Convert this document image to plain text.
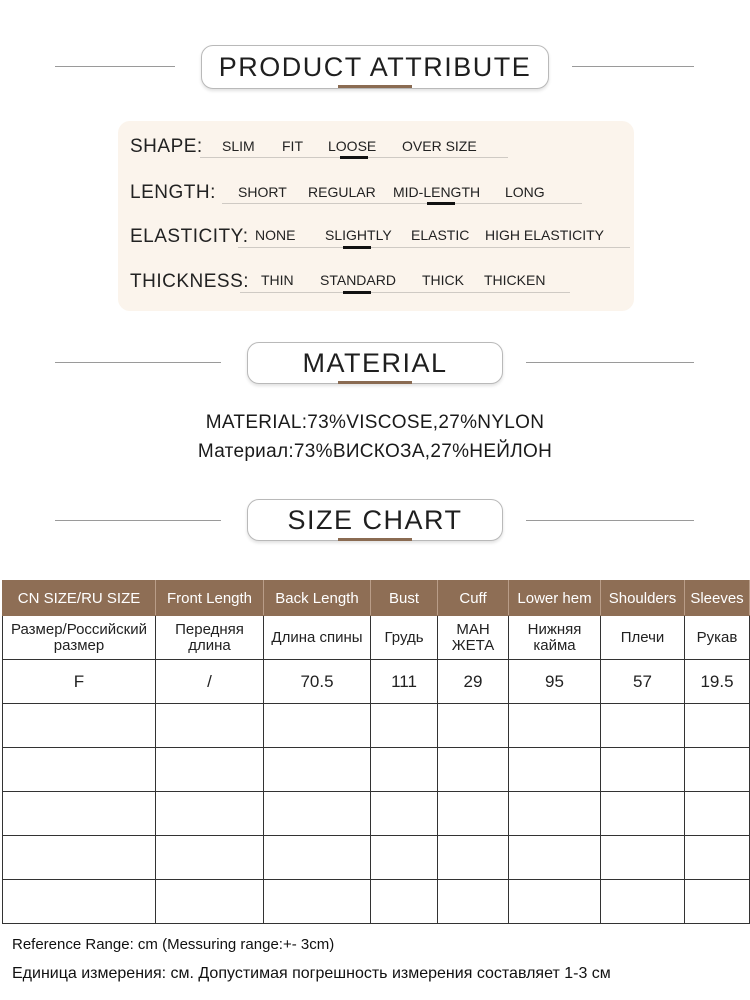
PRODUCT ATTRIBUTE
SHAPE: SLIM FIT LOOSE OVER SIZE
LENGTH: SHORT REGULAR MID-LENGTH LONG
ELASTICITY: NONE SLIGHTLY ELASTIC HIGH ELASTICITY
THICKNESS: THIN STANDARD THICK THICKEN
MATERIAL
MATERIAL:73%VISCOSE,27%NYLON
Материал:73%ВИСКОЗА,27%НЕЙЛОН
SIZE CHART
CN SIZE/RU SIZE	Front Length	Back Length	Bust	Cuff	Lower hem	Shoulders	Sleeves
Размер/Российский размер	Передняя длина	Длина спины	Грудь	МАН ЖЕТА	Нижняя кайма	Плечи	Рукав
F	/	70.5	111	29	95	57	19.5

Reference Range: cm (Messuring range:+- 3cm)
Единица измерения: см. Допустимая погрешность измерения составляет 1-3 см
